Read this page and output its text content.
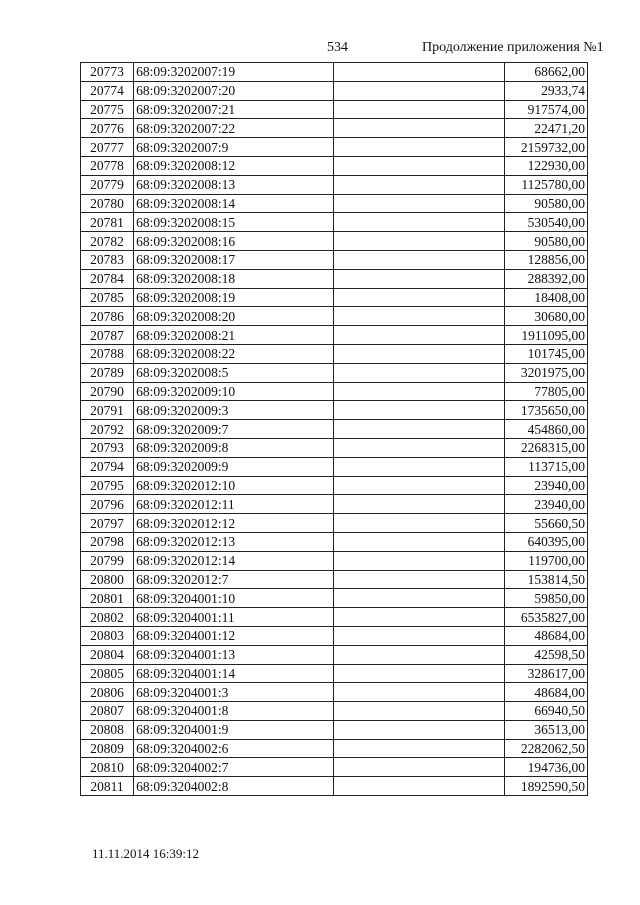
534	Продолжение приложения №1
20773	68:09:3202007:19		68662,00
20774	68:09:3202007:20		2933,74
20775	68:09:3202007:21		917574,00
20776	68:09:3202007:22		22471,20
20777	68:09:3202007:9		2159732,00
20778	68:09:3202008:12		122930,00
20779	68:09:3202008:13		1125780,00
20780	68:09:3202008:14		90580,00
20781	68:09:3202008:15		530540,00
20782	68:09:3202008:16		90580,00
20783	68:09:3202008:17		128856,00
20784	68:09:3202008:18		288392,00
20785	68:09:3202008:19		18408,00
20786	68:09:3202008:20		30680,00
20787	68:09:3202008:21		1911095,00
20788	68:09:3202008:22		101745,00
20789	68:09:3202008:5		3201975,00
20790	68:09:3202009:10		77805,00
20791	68:09:3202009:3		1735650,00
20792	68:09:3202009:7		454860,00
20793	68:09:3202009:8		2268315,00
20794	68:09:3202009:9		113715,00
20795	68:09:3202012:10		23940,00
20796	68:09:3202012:11		23940,00
20797	68:09:3202012:12		55660,50
20798	68:09:3202012:13		640395,00
20799	68:09:3202012:14		119700,00
20800	68:09:3202012:7		153814,50
20801	68:09:3204001:10		59850,00
20802	68:09:3204001:11		6535827,00
20803	68:09:3204001:12		48684,00
20804	68:09:3204001:13		42598,50
20805	68:09:3204001:14		328617,00
20806	68:09:3204001:3		48684,00
20807	68:09:3204001:8		66940,50
20808	68:09:3204001:9		36513,00
20809	68:09:3204002:6		2282062,50
20810	68:09:3204002:7		194736,00
20811	68:09:3204002:8		1892590,50
11.11.2014 16:39:12
